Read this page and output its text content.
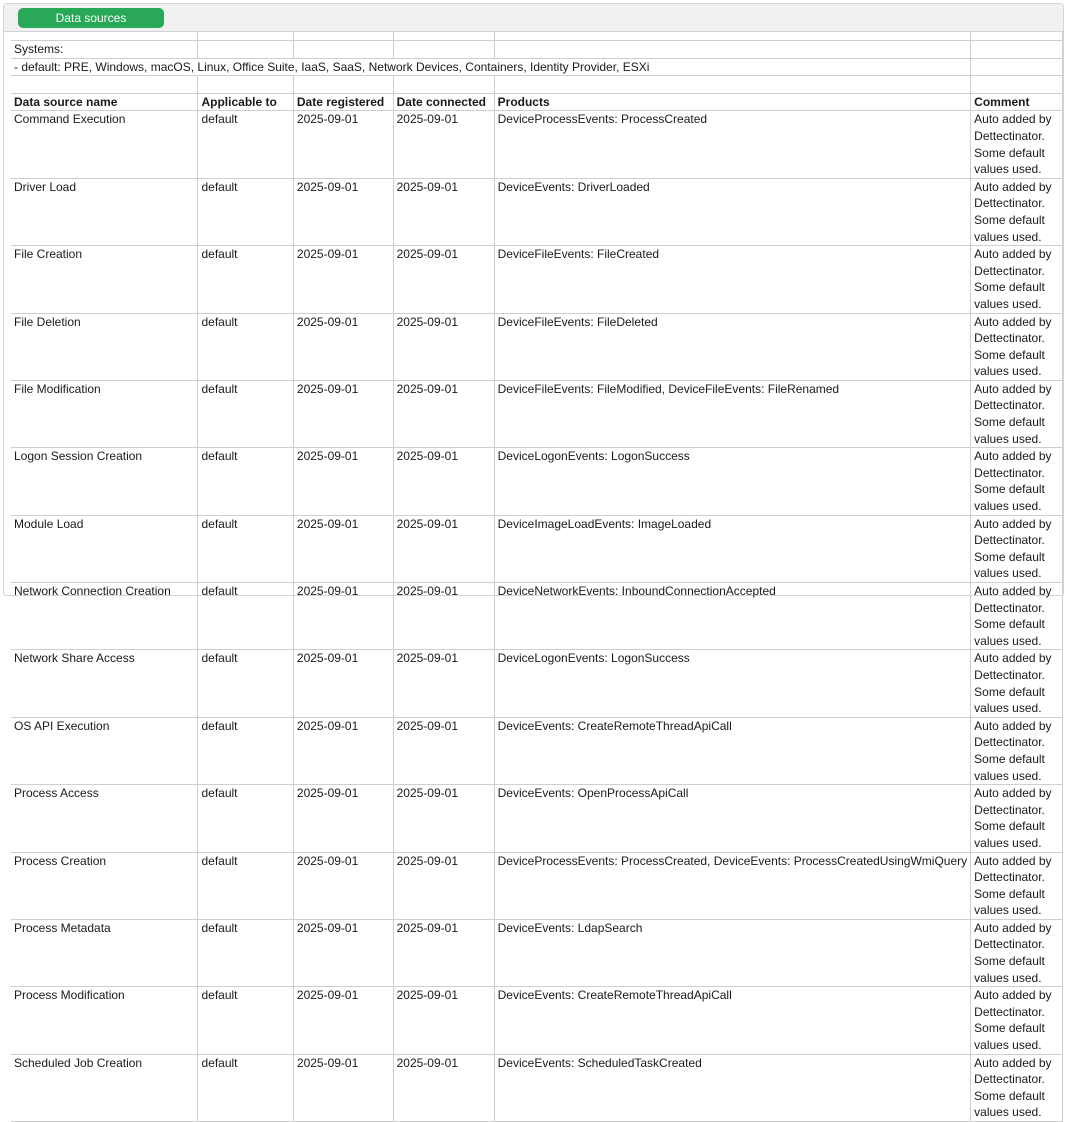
Data sources

Systems:					
- default: PRE, Windows, macOS, Linux, Office Suite, IaaS, SaaS, Network Devices, Containers, Identity Provider, ESXi					

Data source name	Applicable to	Date registered	Date connected	Products	Comment
Command Execution	default	2025-09-01	2025-09-01	DeviceProcessEvents: ProcessCreated	Auto added by Dettectinator. Some default values used.
Driver Load	default	2025-09-01	2025-09-01	DeviceEvents: DriverLoaded	Auto added by Dettectinator. Some default values used.
File Creation	default	2025-09-01	2025-09-01	DeviceFileEvents: FileCreated	Auto added by Dettectinator. Some default values used.
File Deletion	default	2025-09-01	2025-09-01	DeviceFileEvents: FileDeleted	Auto added by Dettectinator. Some default values used.
File Modification	default	2025-09-01	2025-09-01	DeviceFileEvents: FileModified, DeviceFileEvents: FileRenamed	Auto added by Dettectinator. Some default values used.
Logon Session Creation	default	2025-09-01	2025-09-01	DeviceLogonEvents: LogonSuccess	Auto added by Dettectinator. Some default values used.
Module Load	default	2025-09-01	2025-09-01	DeviceImageLoadEvents: ImageLoaded	Auto added by Dettectinator. Some default values used.
Network Connection Creation	default	2025-09-01	2025-09-01	DeviceNetworkEvents: InboundConnectionAccepted	Auto added by Dettectinator. Some default values used.
Network Share Access	default	2025-09-01	2025-09-01	DeviceLogonEvents: LogonSuccess	Auto added by Dettectinator. Some default values used.
OS API Execution	default	2025-09-01	2025-09-01	DeviceEvents: CreateRemoteThreadApiCall	Auto added by Dettectinator. Some default values used.
Process Access	default	2025-09-01	2025-09-01	DeviceEvents: OpenProcessApiCall	Auto added by Dettectinator. Some default values used.
Process Creation	default	2025-09-01	2025-09-01	DeviceProcessEvents: ProcessCreated, DeviceEvents: ProcessCreatedUsingWmiQuery	Auto added by Dettectinator. Some default values used.
Process Metadata	default	2025-09-01	2025-09-01	DeviceEvents: LdapSearch	Auto added by Dettectinator. Some default values used.
Process Modification	default	2025-09-01	2025-09-01	DeviceEvents: CreateRemoteThreadApiCall	Auto added by Dettectinator. Some default values used.
Scheduled Job Creation	default	2025-09-01	2025-09-01	DeviceEvents: ScheduledTaskCreated	Auto added by Dettectinator. Some default values used.
